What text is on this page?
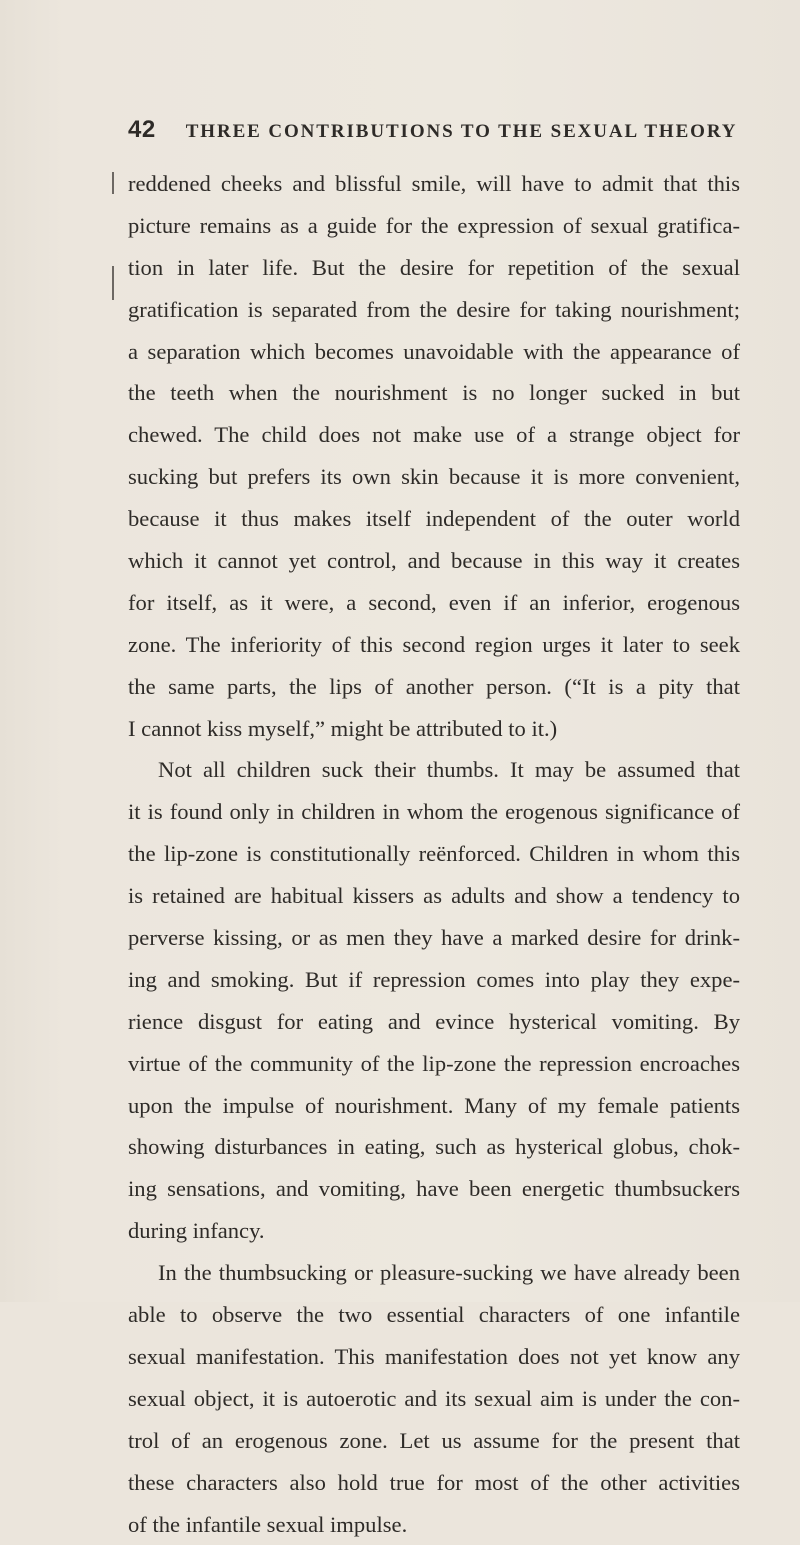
42 THREE CONTRIBUTIONS TO THE SEXUAL THEORY
reddened cheeks and blissful smile, will have to admit that this
picture remains as a guide for the expression of sexual gratifica-
tion in later life. But the desire for repetition of the sexual
gratification is separated from the desire for taking nourishment;
a separation which becomes unavoidable with the appearance of
the teeth when the nourishment is no longer sucked in but
chewed. The child does not make use of a strange object for
sucking but prefers its own skin because it is more convenient,
because it thus makes itself independent of the outer world
which it cannot yet control, and because in this way it creates
for itself, as it were, a second, even if an inferior, erogenous
zone. The inferiority of this second region urges it later to seek
the same parts, the lips of another person. (“It is a pity that
I cannot kiss myself,” might be attributed to it.)
Not all children suck their thumbs. It may be assumed that
it is found only in children in whom the erogenous significance of
the lip-zone is constitutionally reënforced. Children in whom this
is retained are habitual kissers as adults and show a tendency to
perverse kissing, or as men they have a marked desire for drink-
ing and smoking. But if repression comes into play they expe-
rience disgust for eating and evince hysterical vomiting. By
virtue of the community of the lip-zone the repression encroaches
upon the impulse of nourishment. Many of my female patients
showing disturbances in eating, such as hysterical globus, chok-
ing sensations, and vomiting, have been energetic thumbsuckers
during infancy.
In the thumbsucking or pleasure-sucking we have already been
able to observe the two essential characters of one infantile
sexual manifestation. This manifestation does not yet know any
sexual object, it is autoerotic and its sexual aim is under the con-
trol of an erogenous zone. Let us assume for the present that
these characters also hold true for most of the other activities
of the infantile sexual impulse.
